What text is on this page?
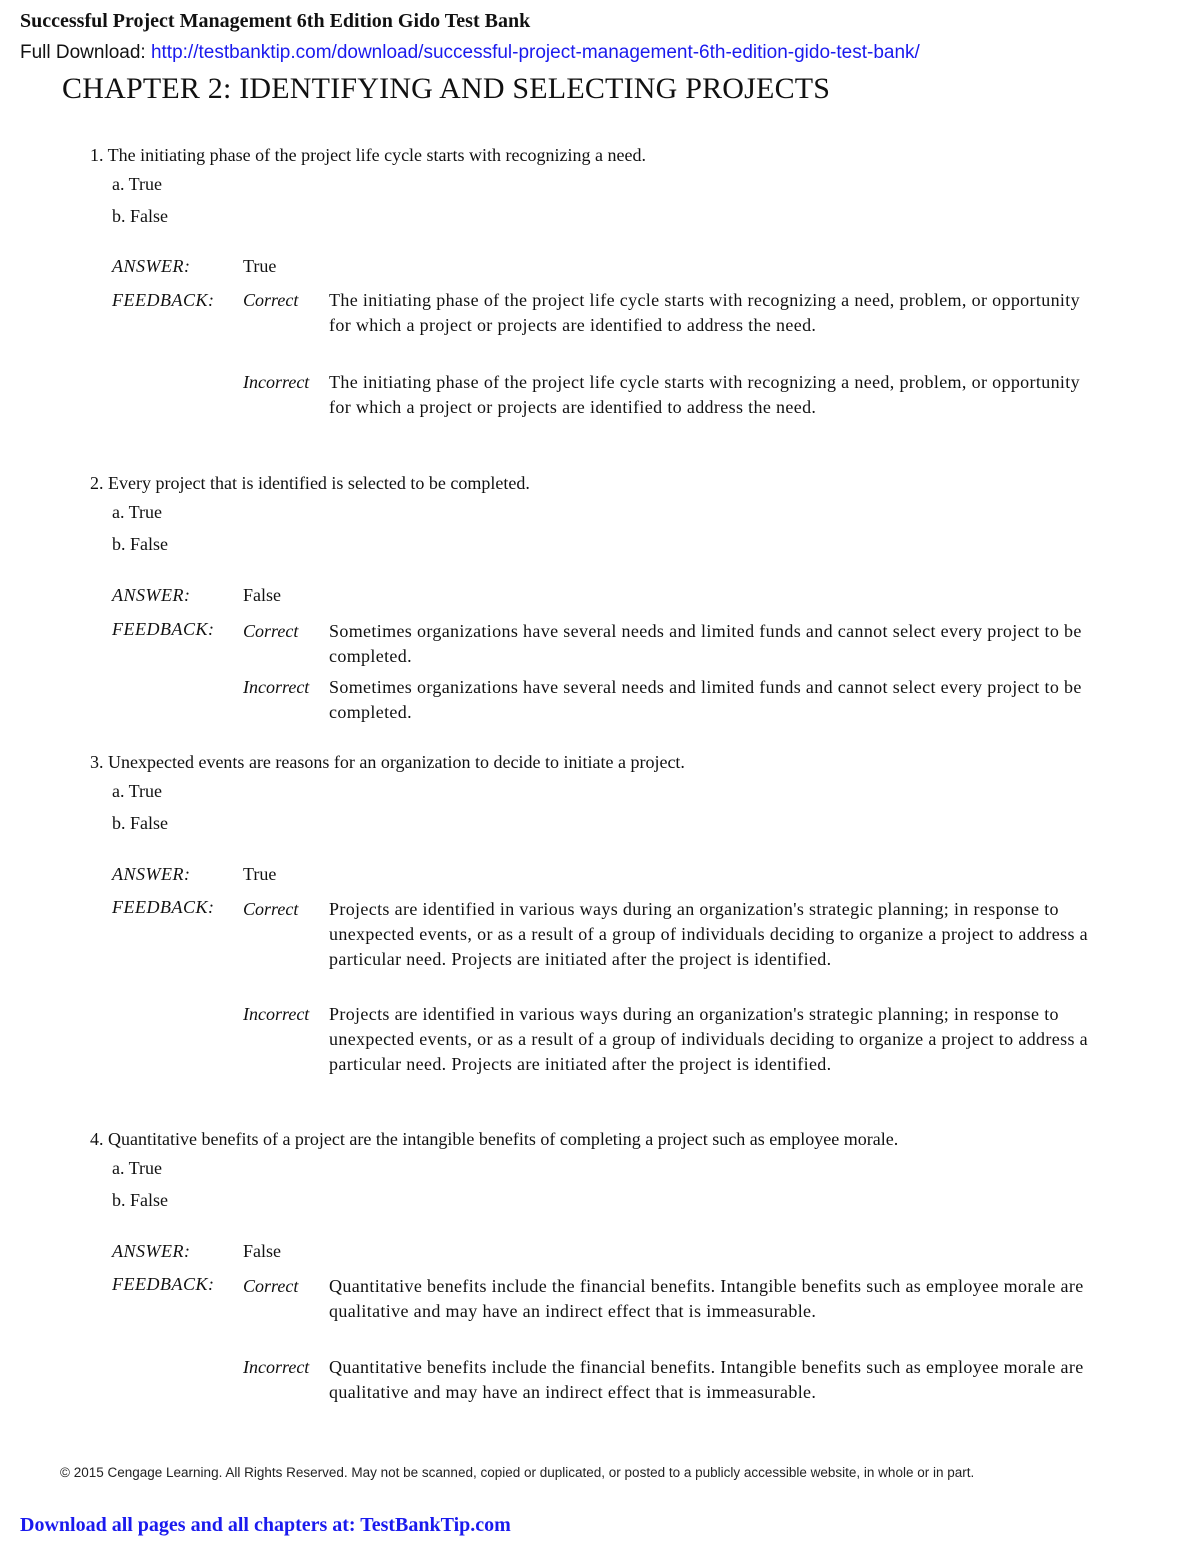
Successful Project Management 6th Edition Gido Test Bank
Full Download: http://testbanktip.com/download/successful-project-management-6th-edition-gido-test-bank/
CHAPTER 2: IDENTIFYING AND SELECTING PROJECTS
1. The initiating phase of the project life cycle starts with recognizing a need.
a. True
b. False
ANSWER:	True
FEEDBACK: Correct The initiating phase of the project life cycle starts with recognizing a need, problem, or opportunity for which a project or projects are identified to address the need.
Incorrect The initiating phase of the project life cycle starts with recognizing a need, problem, or opportunity for which a project or projects are identified to address the need.
2. Every project that is identified is selected to be completed.
a. True
b. False
ANSWER:	False
FEEDBACK: Correct Sometimes organizations have several needs and limited funds and cannot select every project to be completed.
Incorrect Sometimes organizations have several needs and limited funds and cannot select every project to be completed.
3. Unexpected events are reasons for an organization to decide to initiate a project.
a. True
b. False
ANSWER:	True
FEEDBACK: Correct Projects are identified in various ways during an organization's strategic planning; in response to unexpected events, or as a result of a group of individuals deciding to organize a project to address a particular need. Projects are initiated after the project is identified.
Incorrect Projects are identified in various ways during an organization's strategic planning; in response to unexpected events, or as a result of a group of individuals deciding to organize a project to address a particular need. Projects are initiated after the project is identified.
4. Quantitative benefits of a project are the intangible benefits of completing a project such as employee morale.
a. True
b. False
ANSWER:	False
FEEDBACK: Correct Quantitative benefits include the financial benefits. Intangible benefits such as employee morale are qualitative and may have an indirect effect that is immeasurable.
Incorrect Quantitative benefits include the financial benefits. Intangible benefits such as employee morale are qualitative and may have an indirect effect that is immeasurable.
© 2015 Cengage Learning. All Rights Reserved. May not be scanned, copied or duplicated, or posted to a publicly accessible website, in whole or in part.
Download all pages and all chapters at: TestBankTip.com
